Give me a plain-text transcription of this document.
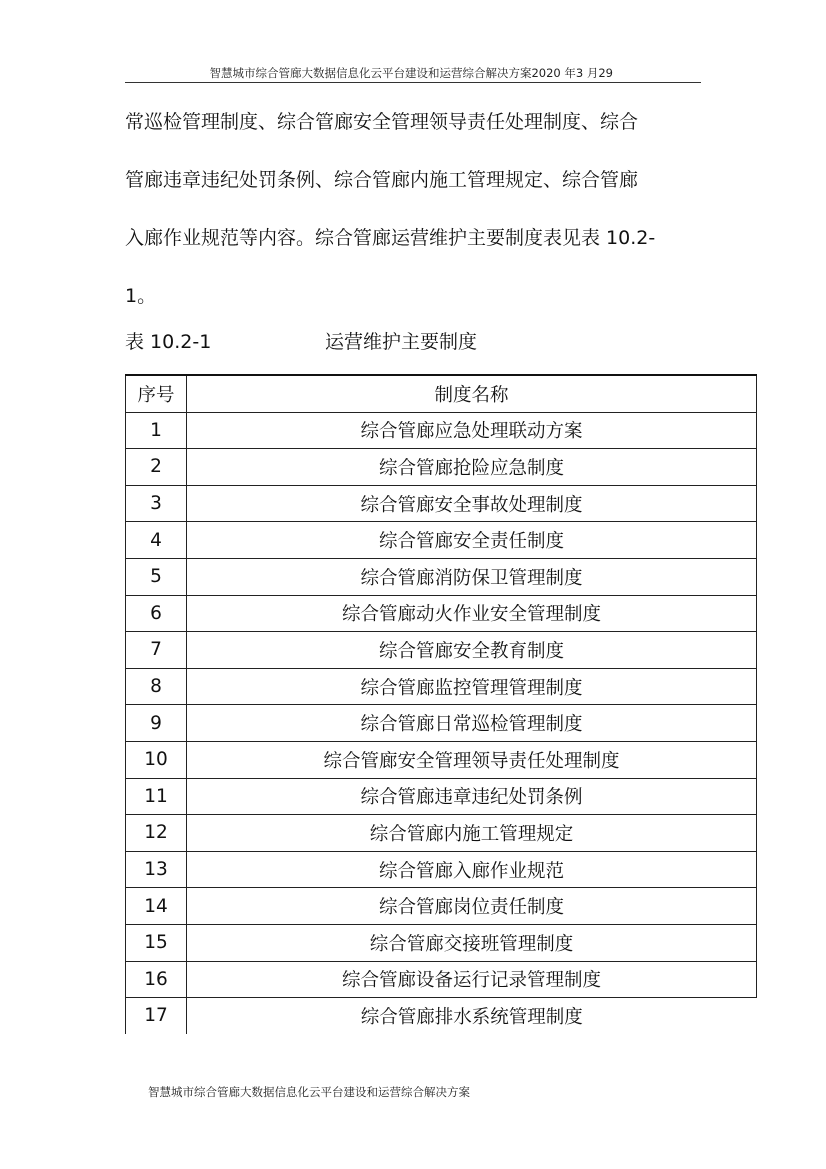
智慧城市综合管廊大数据信息化云平台建设和运营综合解决方案2020 年3 月29
常巡检管理制度、综合管廊安全管理领导责任处理制度、综合
管廊违章违纪处罚条例、综合管廊内施工管理规定、综合管廊
入廊作业规范等内容。综合管廊运营维护主要制度表见表 10.2-
1。
表 10.2-1	运营维护主要制度
序号	制度名称
1	综合管廊应急处理联动方案
2	综合管廊抢险应急制度
3	综合管廊安全事故处理制度
4	综合管廊安全责任制度
5	综合管廊消防保卫管理制度
6	综合管廊动火作业安全管理制度
7	综合管廊安全教育制度
8	综合管廊监控管理管理制度
9	综合管廊日常巡检管理制度
10	综合管廊安全管理领导责任处理制度
11	综合管廊违章违纪处罚条例
12	综合管廊内施工管理规定
13	综合管廊入廊作业规范
14	综合管廊岗位责任制度
15	综合管廊交接班管理制度
16	综合管廊设备运行记录管理制度
17	综合管廊排水系统管理制度
智慧城市综合管廊大数据信息化云平台建设和运营综合解决方案
